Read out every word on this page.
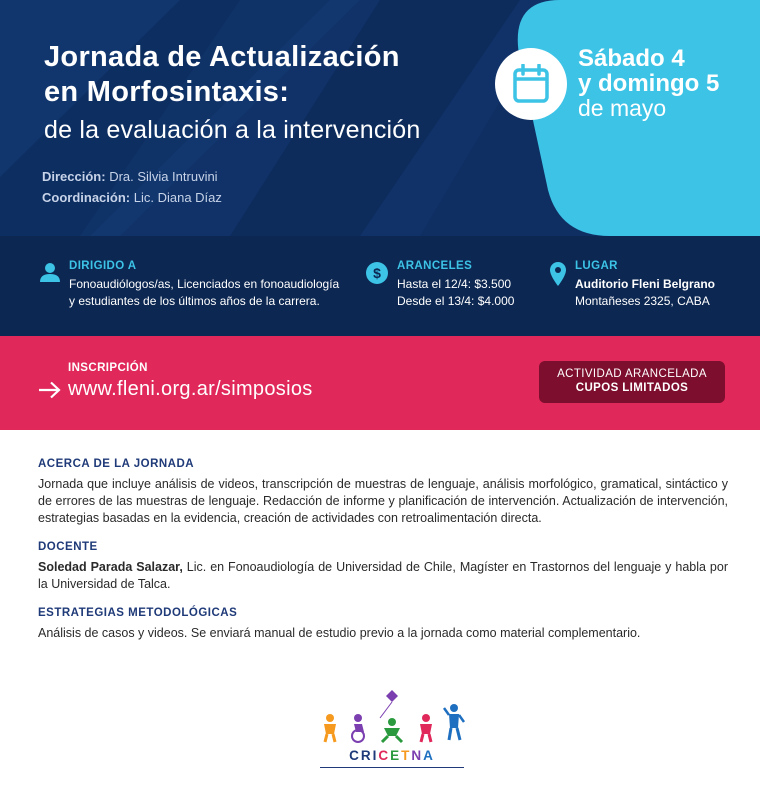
Jornada de Actualización
en Morfosintaxis:
de la evaluación a la intervención
Dirección: Dra. Silvia Intruvini
Coordinación: Lic. Diana Díaz
Sábado 4
y domingo 5
de mayo
DIRIGIDO A
Fonoaudiólogos/as, Licenciados en fonoaudiología
y estudiantes de los últimos años de la carrera.
$ ARANCELES
Hasta el 12/4: $3.500
Desde el 13/4: $4.000
LUGAR
Auditorio Fleni Belgrano
Montañeses 2325, CABA
INSCRIPCIÓN
www.fleni.org.ar/simposios
ACTIVIDAD ARANCELADA
CUPOS LIMITADOS
ACERCA DE LA JORNADA
Jornada que incluye análisis de videos, transcripción de muestras de lenguaje, análisis morfológico, gramatical, sintáctico y de errores de las muestras de lenguaje. Redacción de informe y planificación de intervención. Actualización de intervención, estrategias basadas en la evidencia, creación de actividades con retroalimentación directa.
DOCENTE
Soledad Parada Salazar, Lic. en Fonoaudiología de Universidad de Chile, Magíster en Trastornos del lenguaje y habla por la Universidad de Talca.
ESTRATEGIAS METODOLÓGICAS
Análisis de casos y videos. Se enviará manual de estudio previo a la jornada como material complementario.
CRICETNA
